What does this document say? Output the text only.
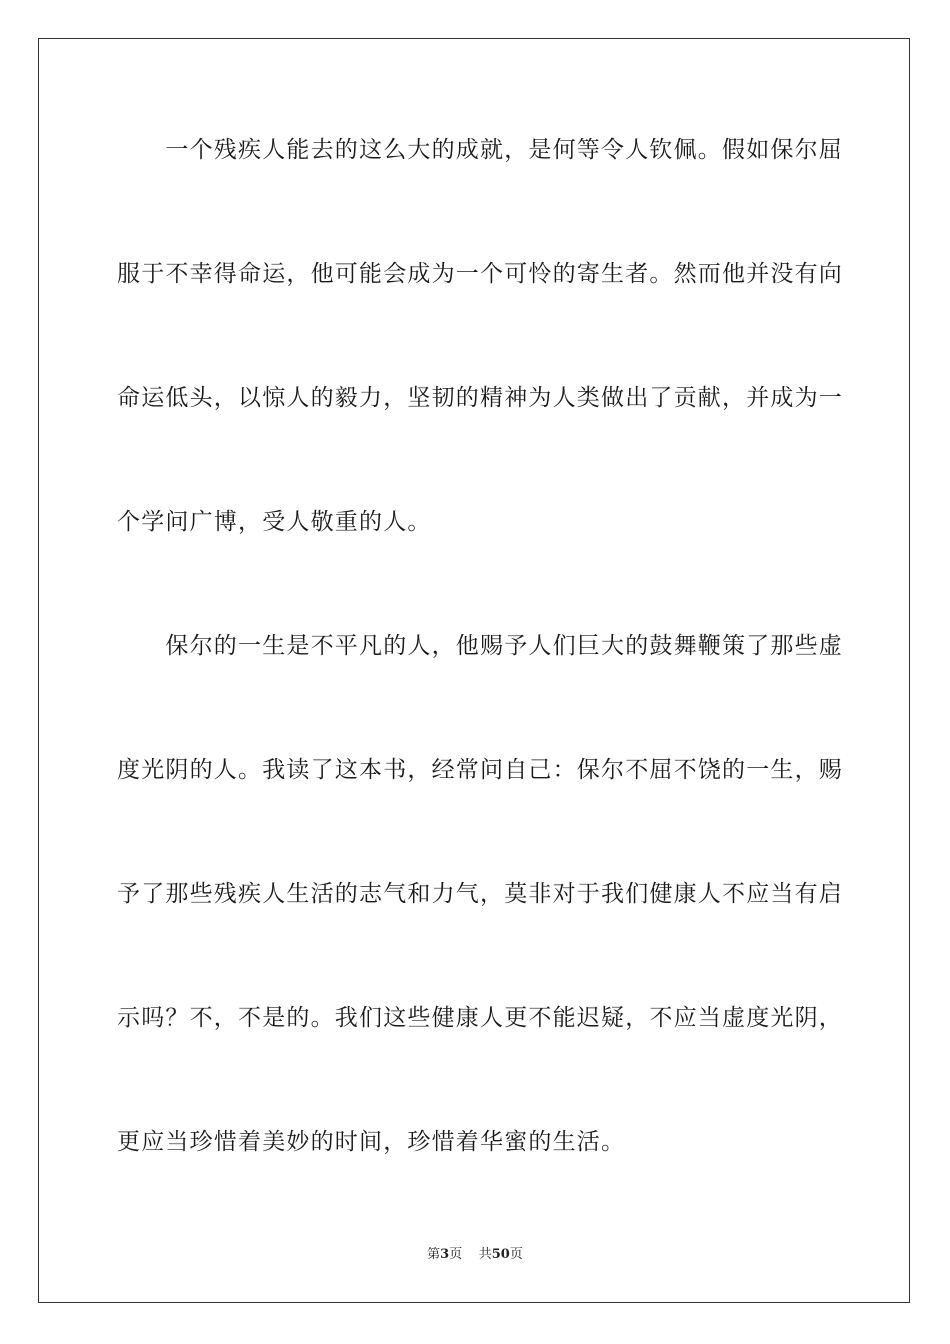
　　一个残疾人能去的这么大的成就，是何等令人钦佩。假如保尔屈
服于不幸得命运，他可能会成为一个可怜的寄生者。然而他并没有向
命运低头，以惊人的毅力，坚韧的精神为人类做出了贡献，并成为一
个学问广博，受人敬重的人。
　　保尔的一生是不平凡的人，他赐予人们巨大的鼓舞鞭策了那些虚
度光阴的人。我读了这本书，经常问自己：保尔不屈不饶的一生，赐
予了那些残疾人生活的志气和力气，莫非对于我们健康人不应当有启
示吗？不，不是的。我们这些健康人更不能迟疑，不应当虚度光阴，
更应当珍惜着美妙的时间，珍惜着华蜜的生活。
第3页 共50页
